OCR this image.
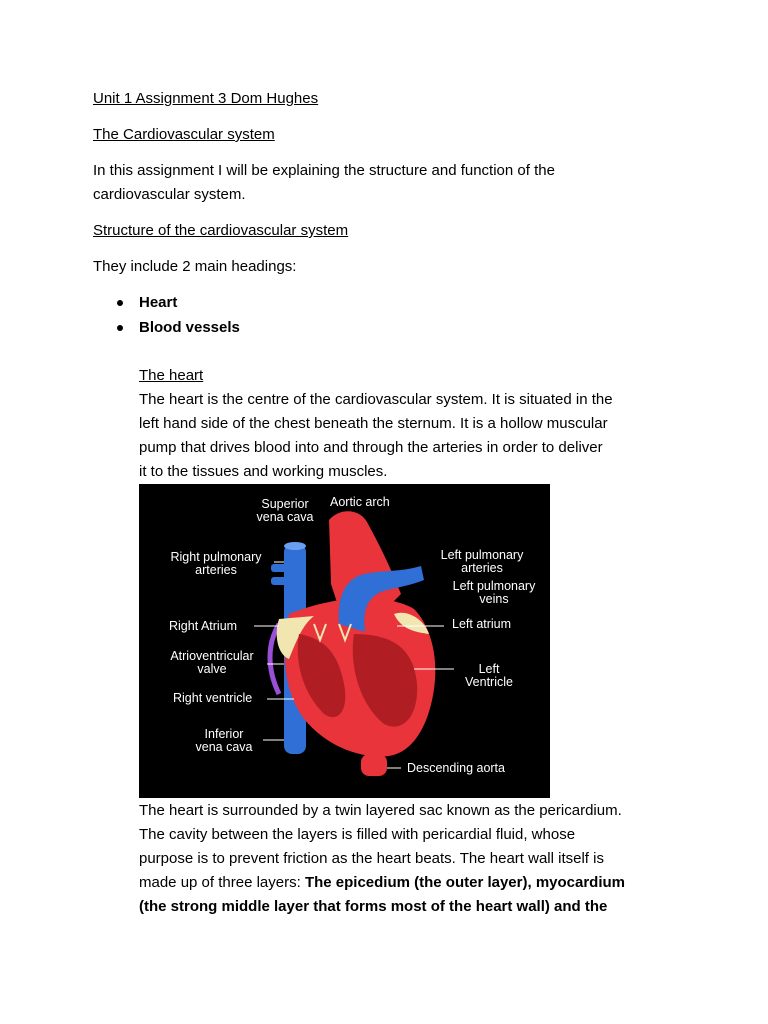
Unit 1 Assignment 3 Dom Hughes
The Cardiovascular system
In this assignment I will be explaining the structure and function of the
cardiovascular system.
Structure of the cardiovascular system
They include 2 main headings:
Heart
Blood vessels
The heart
The heart is the centre of the cardiovascular system. It is situated in the
left hand side of the chest beneath the sternum. It is a hollow muscular
pump that drives blood into and through the arteries in order to deliver
it to the tissues and working muscles.
Superior
vena cava
Aortic arch
Right pulmonary
arteries
Left pulmonary
arteries
Left pulmonary
veins
Right Atrium	Left atrium
Atrioventricular
valve	Left
Ventricle
Right ventricle
Inferior
vena cava
Descending aorta
The heart is surrounded by a twin layered sac known as the pericardium.
The cavity between the layers is filled with pericardial fluid, whose
purpose is to prevent friction as the heart beats. The heart wall itself is
made up of three layers: The epicedium (the outer layer), myocardium
(the strong middle layer that forms most of the heart wall) and the
